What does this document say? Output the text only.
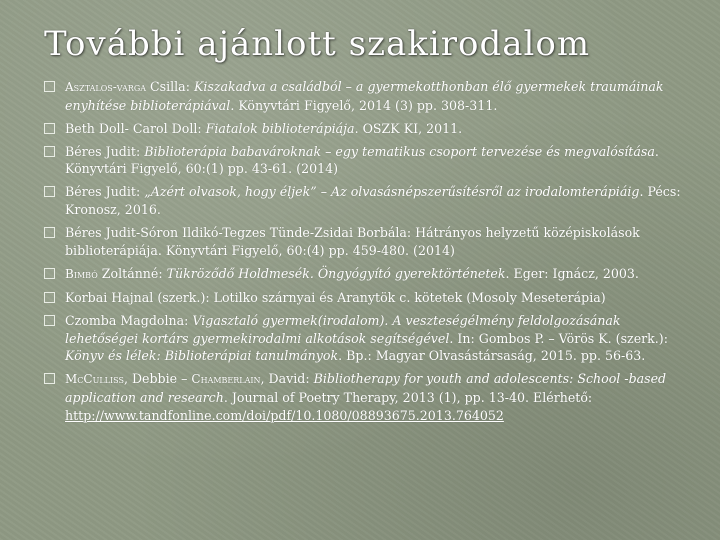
További ajánlott szakirodalom
Asztalos-varga Csilla: Kiszakadva a családból – a gyermekotthonban élő gyermekek traumáinak enyhítése biblioterápiával. Könyvtári Figyelő, 2014 (3) pp. 308-311.
Beth Doll- Carol Doll: Fiatalok biblioterápiája. OSZK KI, 2011.
Béres Judit: Biblioterápia babavároknak – egy tematikus csoport tervezése és megvalósítása. Könyvtári Figyelő, 60:(1) pp. 43-61. (2014)
Béres Judit: „Azért olvasok, hogy éljek” – Az olvasásnépszerűsítésről az irodalomterápiáig. Pécs: Kronosz, 2016.
Béres Judit-Sóron Ildikó-Tegzes Tünde-Zsidai Borbála: Hátrányos helyzetű középiskolások biblioterápiája. Könyvtári Figyelő, 60:(4) pp. 459-480. (2014)
Bimbó Zoltánné: Tükröződő Holdmesék. Öngyógyító gyerektörténetek. Eger: Ignácz, 2003.
Korbai Hajnal (szerk.): Lotilko szárnyai és Aranytök c. kötetek (Mosoly Meseterápia)
Czomba Magdolna: Vigasztaló gyermek(irodalom). A veszteségélmény feldolgozásának lehetőségei kortárs gyermekirodalmi alkotások segítségével. In: Gombos P. – Vörös K. (szerk.): Könyv és lélek: Biblioterápiai tanulmányok. Bp.: Magyar Olvasástársaság, 2015. pp. 56-63.
McCulliss, Debbie – Chamberlain, David: Bibliotherapy for youth and adolescents: School -based application and research. Journal of Poetry Therapy, 2013 (1), pp. 13-40. Elérhető: http://www.tandfonline.com/doi/pdf/10.1080/08893675.2013.764052
